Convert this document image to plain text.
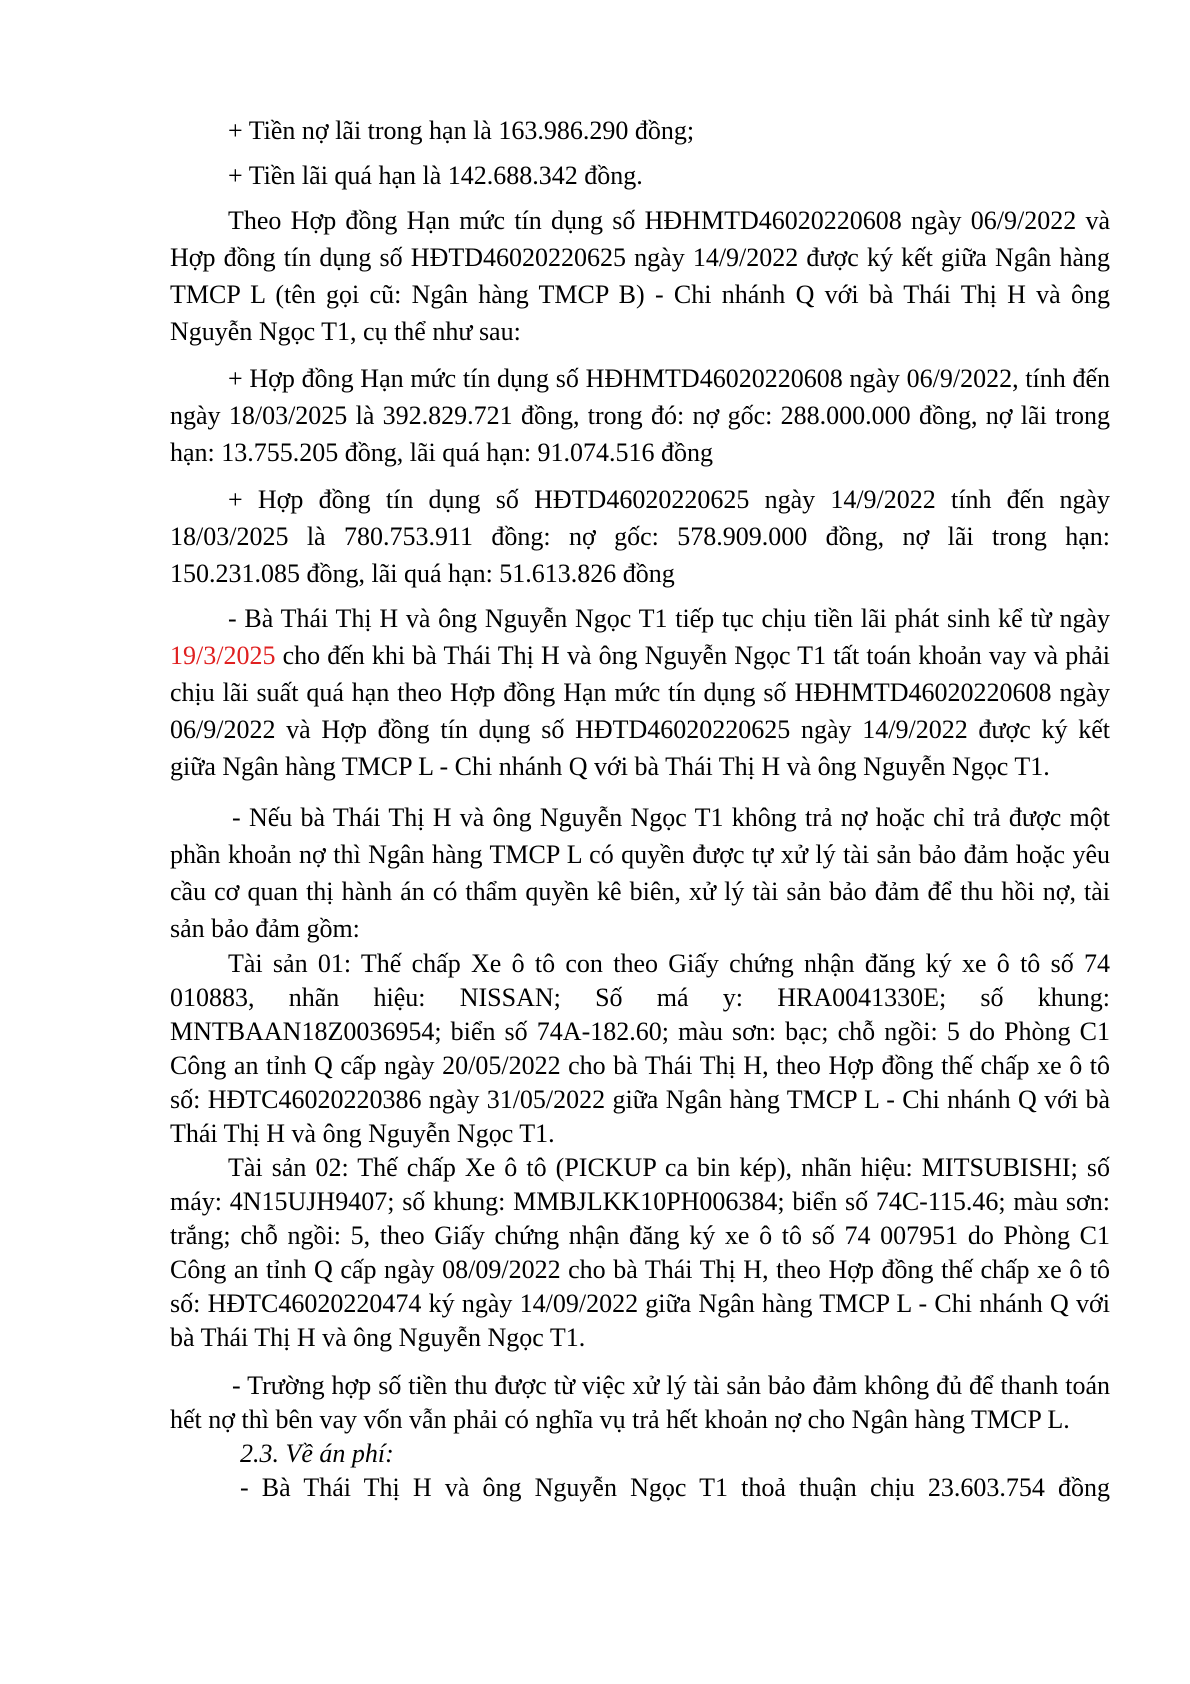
+ Tiền nợ lãi trong hạn là 163.986.290 đồng;

+ Tiền lãi quá hạn là 142.688.342 đồng.

Theo Hợp đồng Hạn mức tín dụng số HĐHMTD46020220608 ngày 06/9/2022 và Hợp đồng tín dụng số HĐTD46020220625 ngày 14/9/2022 được ký kết giữa Ngân hàng TMCP L (tên gọi cũ: Ngân hàng TMCP B) - Chi nhánh Q với bà Thái Thị H và ông Nguyễn Ngọc T1, cụ thể như sau:

+ Hợp đồng Hạn mức tín dụng số HĐHMTD46020220608 ngày 06/9/2022, tính đến ngày 18/03/2025 là 392.829.721 đồng, trong đó: nợ gốc: 288.000.000 đồng, nợ lãi trong hạn: 13.755.205 đồng, lãi quá hạn: 91.074.516 đồng

+ Hợp đồng tín dụng số HĐTD46020220625 ngày 14/9/2022 tính đến ngày 18/03/2025 là 780.753.911 đồng: nợ gốc: 578.909.000 đồng, nợ lãi trong hạn: 150.231.085 đồng, lãi quá hạn: 51.613.826 đồng

- Bà Thái Thị H và ông Nguyễn Ngọc T1 tiếp tục chịu tiền lãi phát sinh kể từ ngày 19/3/2025 cho đến khi bà Thái Thị H và ông Nguyễn Ngọc T1 tất toán khoản vay và phải chịu lãi suất quá hạn theo Hợp đồng Hạn mức tín dụng số HĐHMTD46020220608 ngày 06/9/2022 và Hợp đồng tín dụng số HĐTD46020220625 ngày 14/9/2022 được ký kết giữa Ngân hàng TMCP L - Chi nhánh Q với bà Thái Thị H và ông Nguyễn Ngọc T1.

- Nếu bà Thái Thị H và ông Nguyễn Ngọc T1 không trả nợ hoặc chỉ trả được một phần khoản nợ thì Ngân hàng TMCP L có quyền được tự xử lý tài sản bảo đảm hoặc yêu cầu cơ quan thị hành án có thẩm quyền kê biên, xử lý tài sản bảo đảm để thu hồi nợ, tài sản bảo đảm gồm:

Tài sản 01: Thế chấp Xe ô tô con theo Giấy chứng nhận đăng ký xe ô tô số 74 010883, nhãn hiệu: NISSAN; Số má y: HRA0041330E; số khung: MNTBAAN18Z0036954; biển số 74A-182.60; màu sơn: bạc; chỗ ngồi: 5 do Phòng C1 Công an tỉnh Q cấp ngày 20/05/2022 cho bà Thái Thị H, theo Hợp đồng thế chấp xe ô tô số: HĐTC46020220386 ngày 31/05/2022 giữa Ngân hàng TMCP L - Chi nhánh Q với bà Thái Thị H và ông Nguyễn Ngọc T1.

Tài sản 02: Thế chấp Xe ô tô (PICKUP ca bin kép), nhãn hiệu: MITSUBISHI; số máy: 4N15UJH9407; số khung: MMBJLKK10PH006384; biển số 74C-115.46; màu sơn: trắng; chỗ ngồi: 5, theo Giấy chứng nhận đăng ký xe ô tô số 74 007951 do Phòng C1 Công an tỉnh Q cấp ngày 08/09/2022 cho bà Thái Thị H, theo Hợp đồng thế chấp xe ô tô số: HĐTC46020220474 ký ngày 14/09/2022 giữa Ngân hàng TMCP L - Chi nhánh Q với bà Thái Thị H và ông Nguyễn Ngọc T1.

- Trường hợp số tiền thu được từ việc xử lý tài sản bảo đảm không đủ để thanh toán hết nợ thì bên vay vốn vẫn phải có nghĩa vụ trả hết khoản nợ cho Ngân hàng TMCP L.

2.3. Về án phí:

- Bà Thái Thị H và ông Nguyễn Ngọc T1 thoả thuận chịu 23.603.754 đồng
